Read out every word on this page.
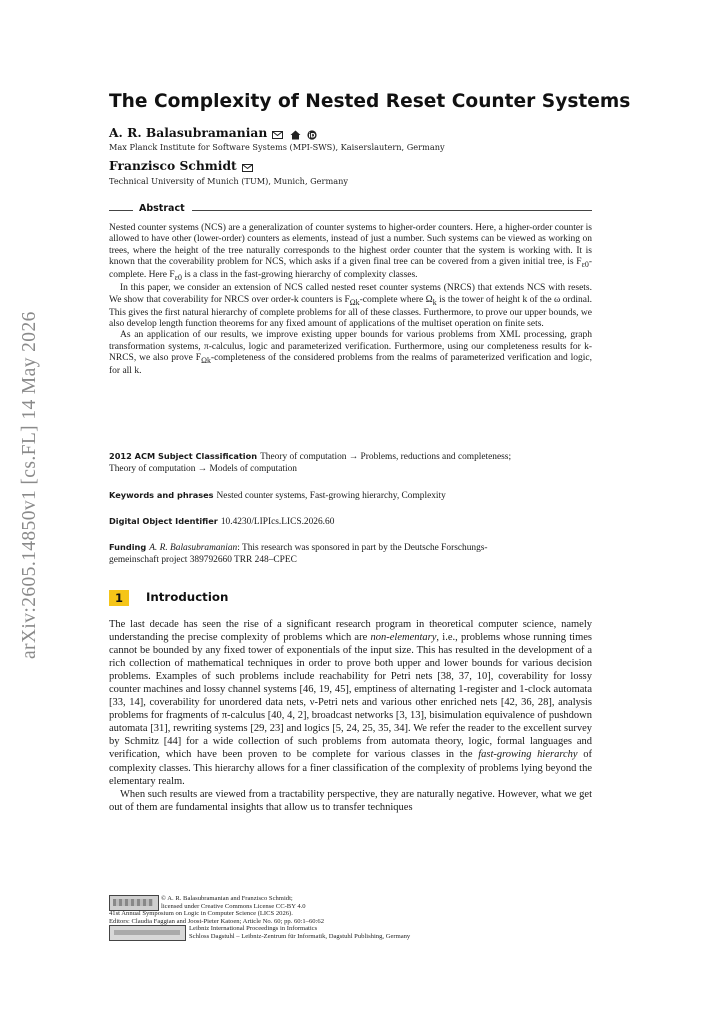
arXiv:2605.14850v1 [cs.FL] 14 May 2026
The Complexity of Nested Reset Counter Systems
A. R. Balasubramanian	iD
Max Planck Institute for Software Systems (MPI-SWS), Kaiserslautern, Germany
Franzisco Schmidt
Technical University of Munich (TUM), Munich, Germany
Abstract

Nested counter systems (NCS) are a generalization of counter systems to higher-order counters. Here, a higher-order counter is allowed to have other (lower-order) counters as elements, instead of just a number. Such systems can be viewed as working on trees, where the height of the tree naturally corresponds to the highest order counter that the system is working with. It is known that the coverability problem for NCS, which asks if a given final tree can be covered from a given initial tree, is $F_{\varepsilon 0}$-complete. Here $F_{\varepsilon 0}$ is a class in the fast-growing hierarchy of complexity classes.

In this paper, we consider an extension of NCS called nested reset counter systems (NRCS) that extends NCS with resets. We show that coverability for NRCS over order-k counters is $F_{\Omega k}$-complete where $\Omega_k$ is the tower of height k of the ω ordinal. This gives the first natural hierarchy of complete problems for all of these classes. Furthermore, to prove our upper bounds, we also develop length function theorems for any fixed amount of applications of the multiset operation on finite sets.

As an application of our results, we improve existing upper bounds for various problems from XML processing, graph transformation systems, π-calculus, logic and parameterized verification. Furthermore, using our completeness results for k-NRCS, we also prove $F_{\Omega k}$-completeness of the considered problems from the realms of parameterized verification and logic, for all k.

2012 ACM Subject Classification Theory of computation → Problems, reductions and completeness;
Theory of computation → Models of computation
Keywords and phrases Nested counter systems, Fast-growing hierarchy, Complexity
Digital Object Identifier 10.4230/LIPIcs.LICS.2026.60
Funding A. R. Balasubramanian: This research was sponsored in part by the Deutsche Forschungs-
gemeinschaft project 389792660 TRR 248–CPEC
1	Introduction

The last decade has seen the rise of a significant research program in theoretical computer science, namely understanding the precise complexity of problems which are non-elementary, i.e., problems whose running times cannot be bounded by any fixed tower of exponentials of the input size. This has resulted in the development of a rich collection of mathematical techniques in order to prove both upper and lower bounds for various decision problems. Examples of such problems include reachability for Petri nets [38, 37, 10], coverability for lossy counter machines and lossy channel systems [46, 19, 45], emptiness of alternating 1-register and 1-clock automata [33, 14], coverability for unordered data nets, ν-Petri nets and various other enriched nets [42, 36, 28], analysis problems for fragments of π-calculus [40, 4, 2], broadcast networks [3, 13], bisimulation equivalence of pushdown automata [31], rewriting systems [29, 23] and logics [5, 24, 25, 35, 34]. We refer the reader to the excellent survey by Schmitz [44] for a wide collection of such problems from automata theory, logic, formal languages and verification, which have been proven to be complete for various classes in the fast-growing hierarchy of complexity classes. This hierarchy allows for a finer classification of the complexity of problems lying beyond the elementary realm.

When such results are viewed from a tractability perspective, they are naturally negative. However, what we get out of them are fundamental insights that allow us to transfer techniques

© A. R. Balasubramanian and Franzisco Schmidt;
licensed under Creative Commons License CC-BY 4.0
41st Annual Symposium on Logic in Computer Science (LICS 2026).
Editors: Claudia Faggian and Joost-Pieter Katoen; Article No. 60; pp. 60:1–60:62
Leibniz International Proceedings in Informatics
Schloss Dagstuhl – Leibniz-Zentrum für Informatik, Dagstuhl Publishing, Germany
